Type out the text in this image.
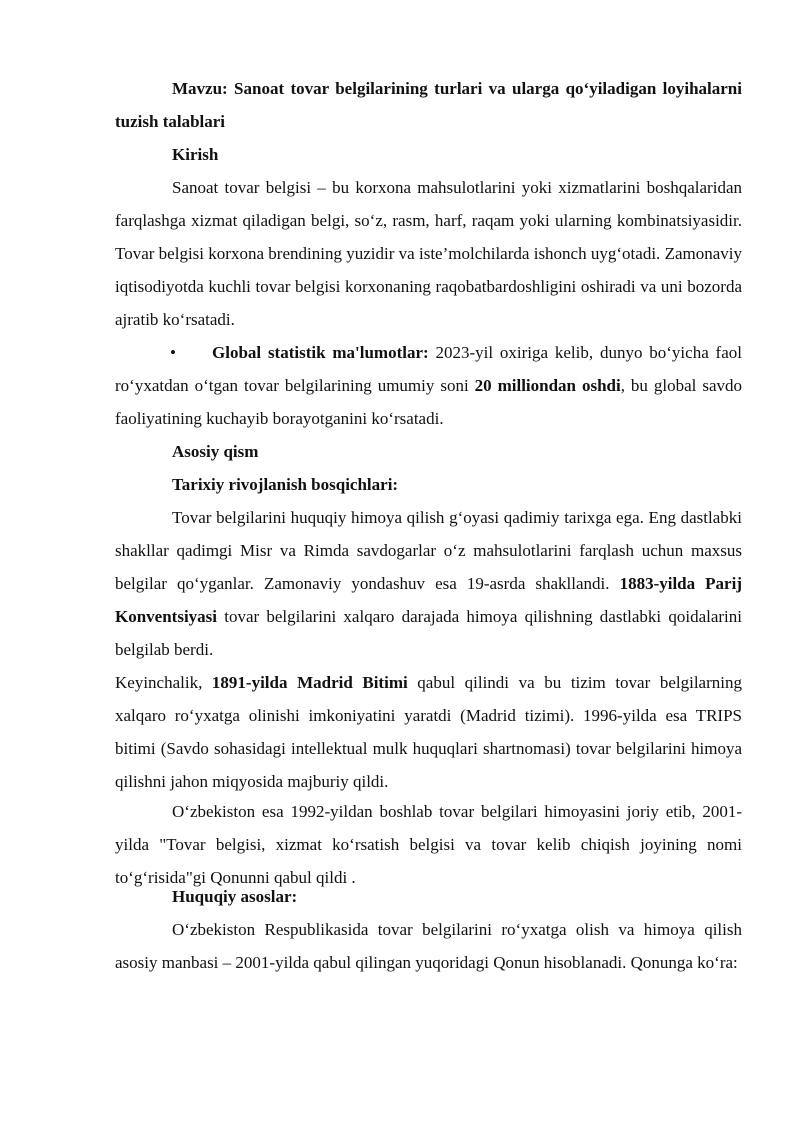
Mavzu: Sanoat tovar belgilarining turlari va ularga qo‘yiladigan loyihalarni tuzish talablari

Kirish

Sanoat tovar belgisi – bu korxona mahsulotlarini yoki xizmatlarini boshqalaridan farqlashga xizmat qiladigan belgi, so‘z, rasm, harf, raqam yoki ularning kombinatsiyasidir. Tovar belgisi korxona brendining yuzidir va iste’molchilarda ishonch uyg‘otadi. Zamonaviy iqtisodiyotda kuchli tovar belgisi korxonaning raqobatbardoshligini oshiradi va uni bozorda ajratib ko‘rsatadi.

•	Global statistik ma'lumotlar: 2023-yil oxiriga kelib, dunyo bo‘yicha faol ro‘yxatdan o‘tgan tovar belgilarining umumiy soni 20 milliondan oshdi, bu global savdo faoliyatining kuchayib borayotganini ko‘rsatadi.

Asosiy qism

Tarixiy rivojlanish bosqichlari:

Tovar belgilarini huquqiy himoya qilish g‘oyasi qadimiy tarixga ega. Eng dastlabki shakllar qadimgi Misr va Rimda savdogarlar o‘z mahsulotlarini farqlash uchun maxsus belgilar qo‘yganlar. Zamonaviy yondashuv esa 19-asrda shakllandi. 1883-yilda Parij Konventsiyasi tovar belgilarini xalqaro darajada himoya qilishning dastlabki qoidalarini belgilab berdi.

Keyinchalik, 1891-yilda Madrid Bitimi qabul qilindi va bu tizim tovar belgilarning xalqaro ro‘yxatga olinishi imkoniyatini yaratdi (Madrid tizimi). 1996-yilda esa TRIPS bitimi (Savdo sohasidagi intellektual mulk huquqlari shartnomasi) tovar belgilarini himoya qilishni jahon miqyosida majburiy qildi.

O‘zbekiston esa 1992-yildan boshlab tovar belgilari himoyasini joriy etib, 2001-yilda "Tovar belgisi, xizmat ko‘rsatish belgisi va tovar kelib chiqish joyining nomi to‘g‘risida"gi Qonunni qabul qildi .

Huquqiy asoslar:

O‘zbekiston Respublikasida tovar belgilarini ro‘yxatga olish va himoya qilish asosiy manbasi – 2001-yilda qabul qilingan yuqoridagi Qonun hisoblanadi. Qonunga ko‘ra:
